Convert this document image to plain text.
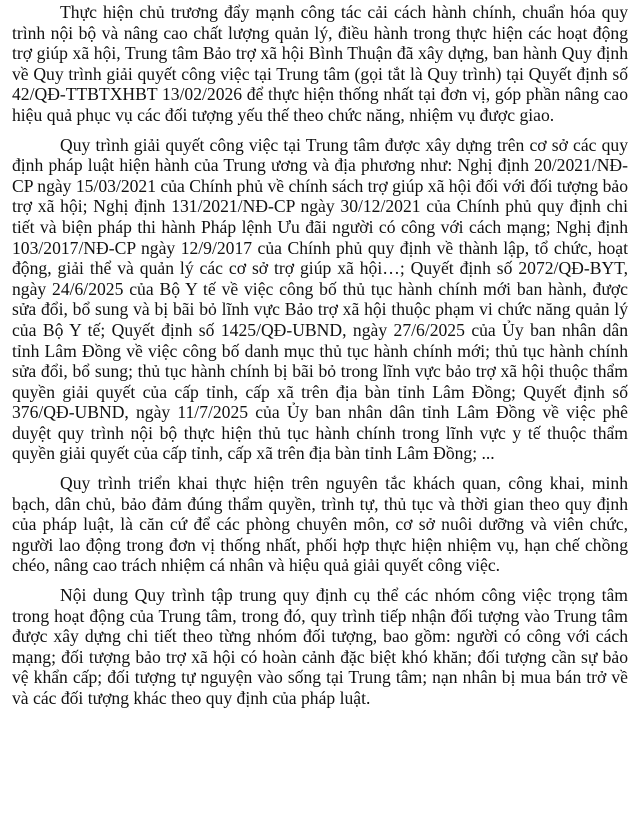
Thực hiện chủ trương đẩy mạnh công tác cải cách hành chính, chuẩn hóa quy trình nội bộ và nâng cao chất lượng quản lý, điều hành trong thực hiện các hoạt động trợ giúp xã hội, Trung tâm Bảo trợ xã hội Bình Thuận đã xây dựng, ban hành Quy định về Quy trình giải quyết công việc tại Trung tâm (gọi tắt là Quy trình) tại Quyết định số 42/QĐ-TTBTXHBT 13/02/2026 để thực hiện thống nhất tại đơn vị, góp phần nâng cao hiệu quả phục vụ các đối tượng yếu thế theo chức năng, nhiệm vụ được giao.

Quy trình giải quyết công việc tại Trung tâm được xây dựng trên cơ sở các quy định pháp luật hiện hành của Trung ương và địa phương như: Nghị định 20/2021/NĐ-CP ngày 15/03/2021 của Chính phủ về chính sách trợ giúp xã hội đối với đối tượng bảo trợ xã hội; Nghị định 131/2021/NĐ-CP ngày 30/12/2021 của Chính phủ quy định chi tiết và biện pháp thi hành Pháp lệnh Ưu đãi người có công với cách mạng; Nghị định 103/2017/NĐ-CP ngày 12/9/2017 của Chính phủ quy định về thành lập, tổ chức, hoạt động, giải thể và quản lý các cơ sở trợ giúp xã hội…; Quyết định số 2072/QĐ-BYT, ngày 24/6/2025 của Bộ Y tế về việc công bố thủ tục hành chính mới ban hành, được sửa đổi, bổ sung và bị bãi bỏ lĩnh vực Bảo trợ xã hội thuộc phạm vi chức năng quản lý của Bộ Y tế; Quyết định số 1425/QĐ-UBND, ngày 27/6/2025 của Ủy ban nhân dân tỉnh Lâm Đồng về việc công bố danh mục thủ tục hành chính mới; thủ tục hành chính sửa đổi, bổ sung; thủ tục hành chính bị bãi bỏ trong lĩnh vực bảo trợ xã hội thuộc thẩm quyền giải quyết của cấp tỉnh, cấp xã trên địa bàn tỉnh Lâm Đồng; Quyết định số 376/QĐ-UBND, ngày 11/7/2025 của Ủy ban nhân dân tỉnh Lâm Đồng về việc phê duyệt quy trình nội bộ thực hiện thủ tục hành chính trong lĩnh vực y tế thuộc thẩm quyền giải quyết của cấp tỉnh, cấp xã trên địa bàn tỉnh Lâm Đồng; ...

Quy trình triển khai thực hiện trên nguyên tắc khách quan, công khai, minh bạch, dân chủ, bảo đảm đúng thẩm quyền, trình tự, thủ tục và thời gian theo quy định của pháp luật, là căn cứ để các phòng chuyên môn, cơ sở nuôi dưỡng và viên chức, người lao động trong đơn vị thống nhất, phối hợp thực hiện nhiệm vụ, hạn chế chồng chéo, nâng cao trách nhiệm cá nhân và hiệu quả giải quyết công việc.

Nội dung Quy trình tập trung quy định cụ thể các nhóm công việc trọng tâm trong hoạt động của Trung tâm, trong đó, quy trình tiếp nhận đối tượng vào Trung tâm được xây dựng chi tiết theo từng nhóm đối tượng, bao gồm: người có công với cách mạng; đối tượng bảo trợ xã hội có hoàn cảnh đặc biệt khó khăn; đối tượng cần sự bảo vệ khẩn cấp; đối tượng tự nguyện vào sống tại Trung tâm; nạn nhân bị mua bán trở về và các đối tượng khác theo quy định của pháp luật.
